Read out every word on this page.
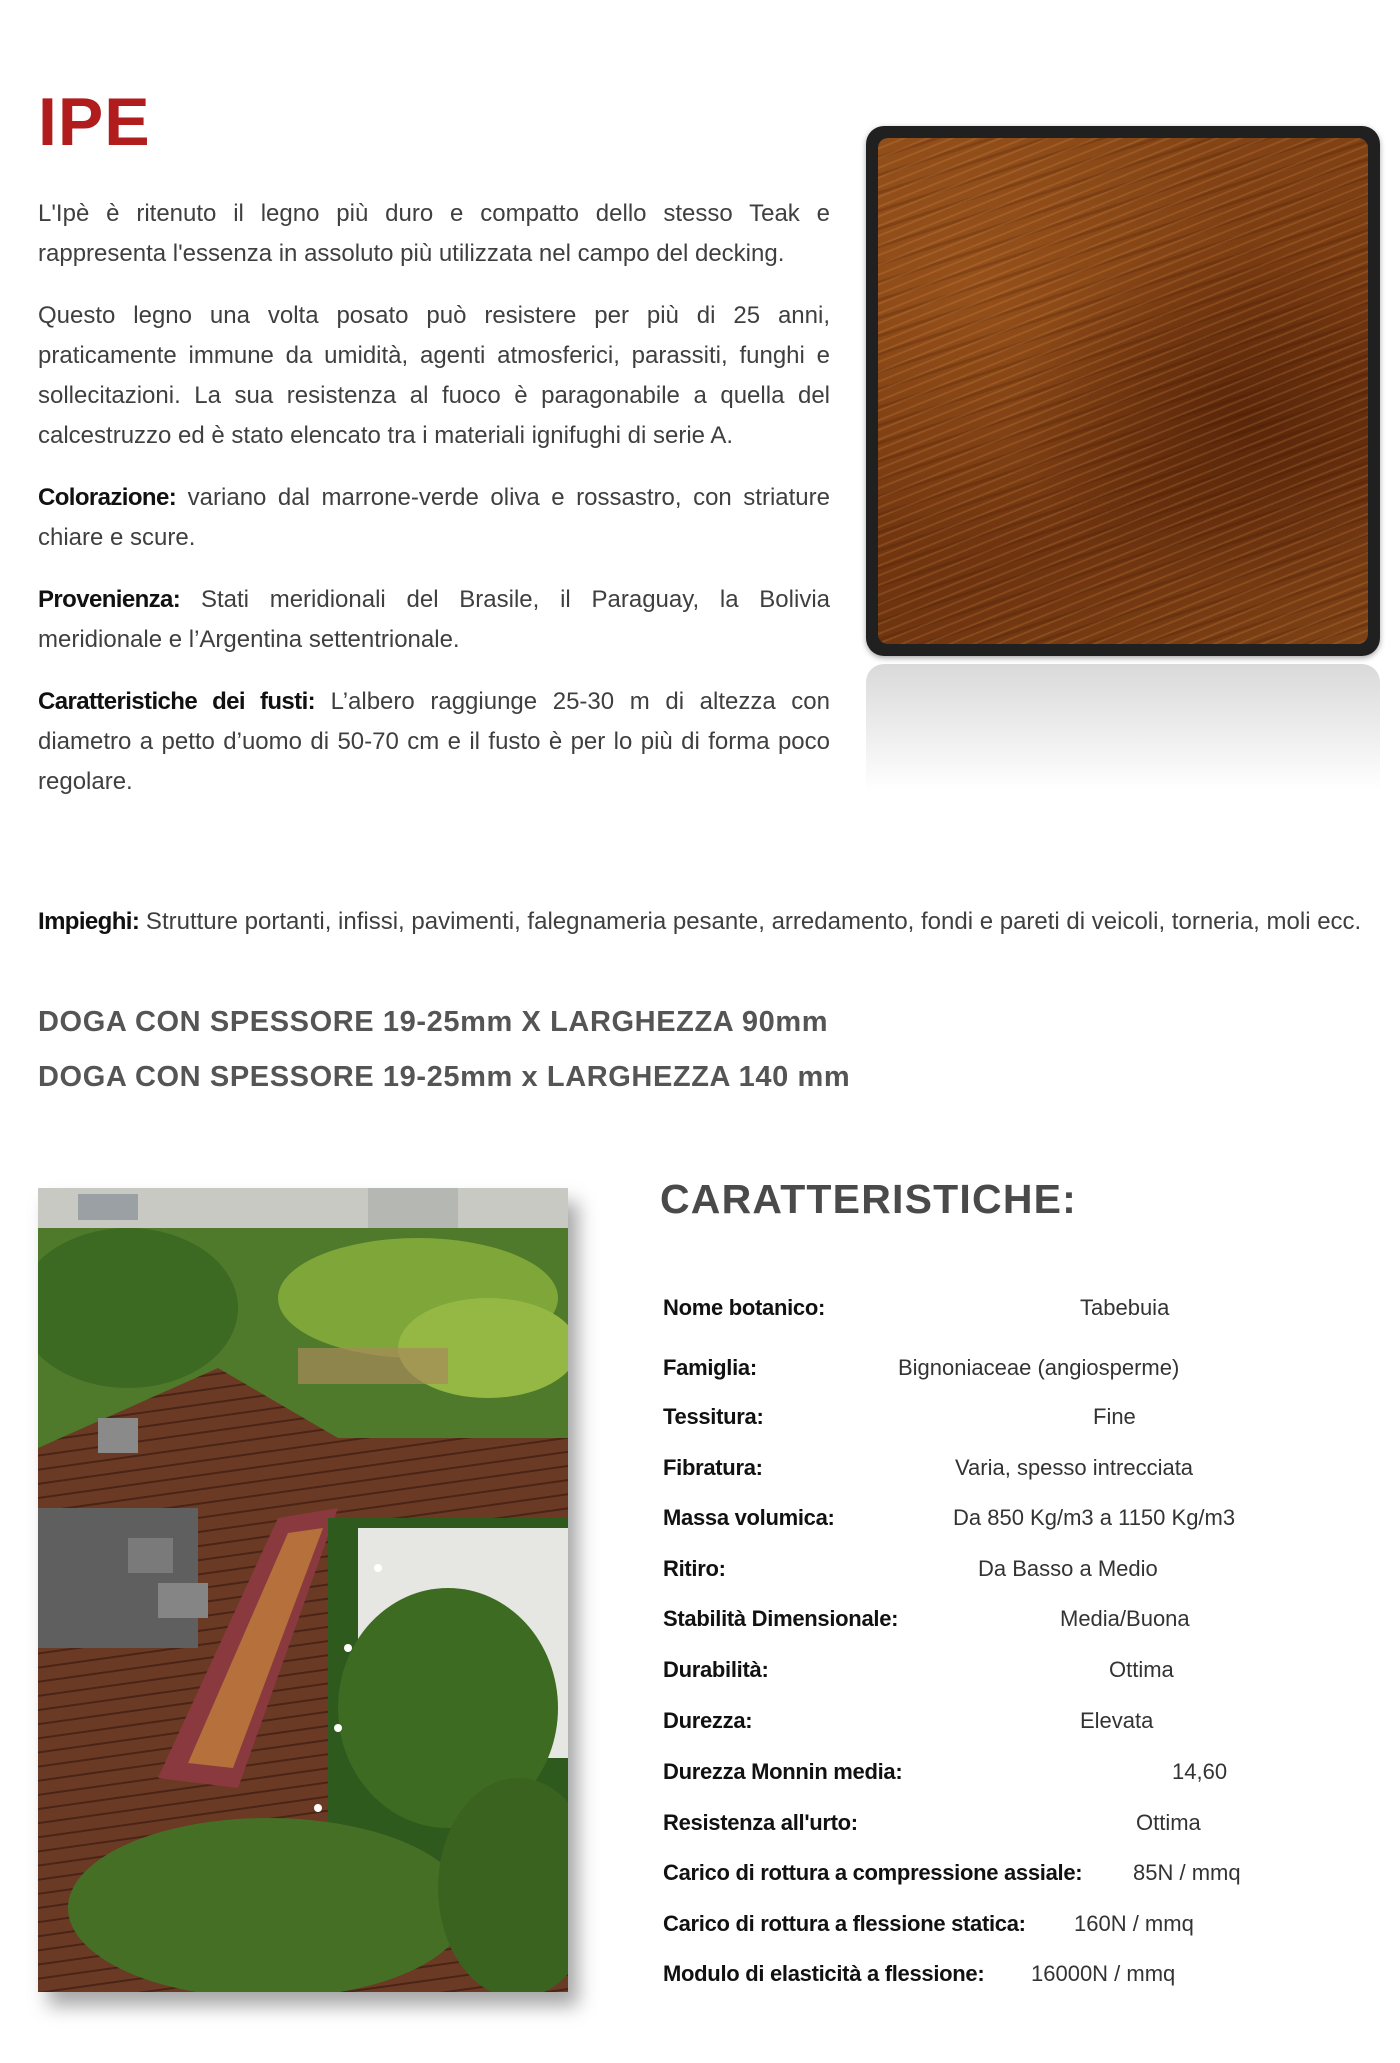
IPE

L'Ipè è ritenuto il legno più duro e compatto dello stesso Teak e rappresenta l'essenza in assoluto più utilizzata nel campo del decking.

Questo legno una volta posato può resistere per più di 25 anni, praticamente immune da umidità, agenti atmosferici, parassiti, funghi e sollecitazioni. La sua resistenza al fuoco è paragonabile a quella del calcestruzzo ed è stato elencato tra i materiali ignifughi di serie A.

Colorazione: variano dal marrone-verde oliva e rossastro, con striature chiare e scure.

Provenienza: Stati meridionali del Brasile, il Paraguay, la Bolivia meridionale e l’Argentina settentrionale.

Caratteristiche dei fusti: L’albero raggiunge 25-30 m di altezza con diametro a petto d’uomo di 50-70 cm e il fusto è per lo più di forma poco regolare.

Impieghi: Strutture portanti, infissi, pavimenti, falegnameria pesante, arredamento, fondi e pareti di veicoli, torneria, moli ecc.

DOGA CON SPESSORE 19-25mm X LARGHEZZA 90mm

DOGA CON SPESSORE 19-25mm x LARGHEZZA 140 mm

CARATTERISTICHE:
Nome botanico:	Tabebuia
Famiglia:	Bignoniaceae (angiosperme)
Tessitura:	Fine
Fibratura:	Varia, spesso intrecciata
Massa volumica:	Da 850 Kg/m3 a 1150 Kg/m3
Ritiro:	Da Basso a Medio
Stabilità Dimensionale:	Media/Buona
Durabilità:	Ottima
Durezza:	Elevata
Durezza Monnin media:	14,60
Resistenza all'urto:	Ottima
Carico di rottura a compressione assiale: 85N / mmq
Carico di rottura a flessione statica: 160N / mmq
Modulo di elasticità a flessione: 16000N / mmq
